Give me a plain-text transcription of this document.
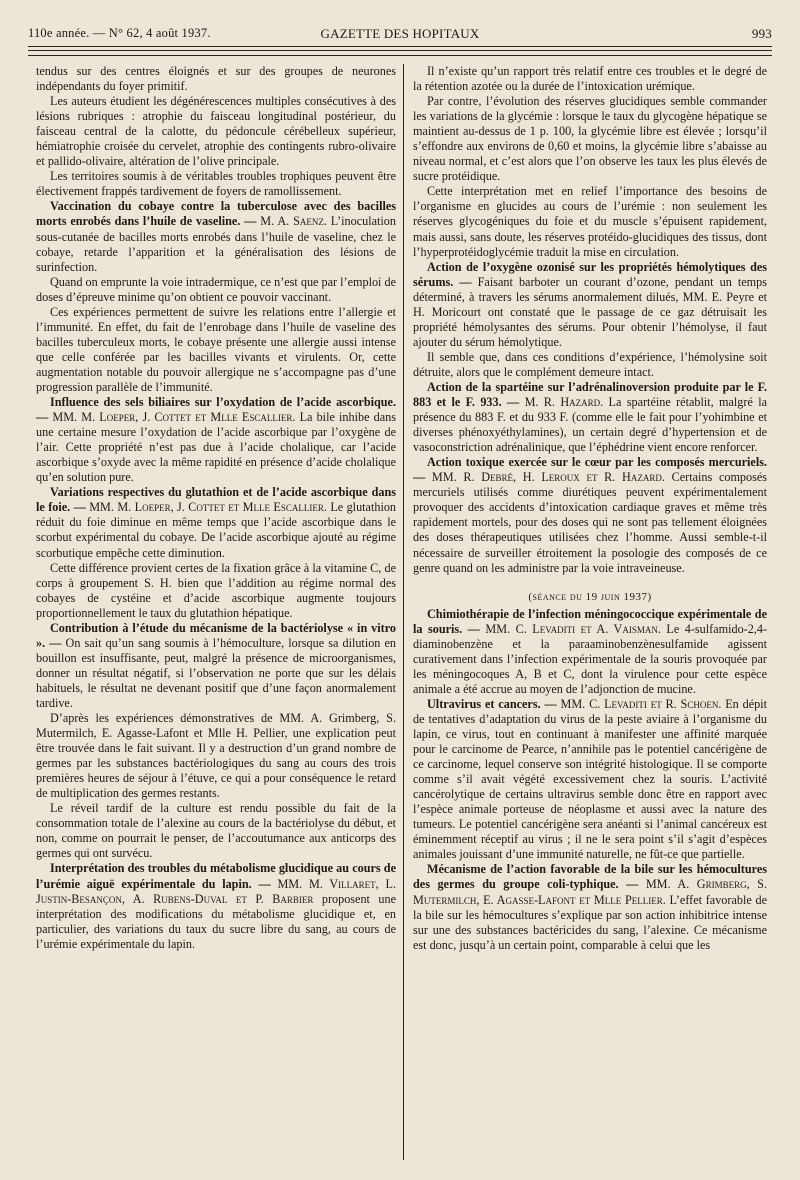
110e année. — N° 62, 4 août 1937.	GAZETTE DES HOPITAUX	993

tendus sur des centres éloignés et sur des groupes de neurones indépendants du foyer primitif.

Les auteurs étudient les dégénérescences multiples consécutives à des lésions rubriques : atrophie du faisceau longitudinal postérieur, du faisceau central de la calotte, du pédoncule cérébelleux supérieur, hémiatrophie croisée du cervelet, atrophie des contingents rubro-olivaire et pallido-olivaire, altération de l’olive principale.

Les territoires soumis à de véritables troubles trophiques peuvent être électivement frappés tardivement de foyers de ramollissement.

Vaccination du cobaye contre la tuberculose avec des bacilles morts enrobés dans l’huile de vaseline. — M. A. Saenz. L’inoculation sous-cutanée de bacilles morts enrobés dans l’huile de vaseline, chez le cobaye, retarde l’apparition et la généralisation des lésions de surinfection.

Quand on emprunte la voie intradermique, ce n’est que par l’emploi de doses d’épreuve minime qu’on obtient ce pouvoir vaccinant.

Ces expériences permettent de suivre les relations entre l’allergie et l’immunité. En effet, du fait de l’enrobage dans l’huile de vaseline des bacilles tuberculeux morts, le cobaye présente une allergie aussi intense que celle conférée par les bacilles vivants et virulents. Or, cette augmentation notable du pouvoir allergique ne s’accompagne pas d’une progression parallèle de l’immunité.

Influence des sels biliaires sur l’oxydation de l’acide ascorbique. — MM. M. Loeper, J. Cottet et Mlle Escallier. La bile inhibe dans une certaine mesure l’oxydation de l’acide ascorbique par l’oxygène de l’air. Cette propriété n’est pas due à l’acide cholalique, car l’acide ascorbique s’oxyde avec la même rapidité en présence d’acide cholalique qu’en solution pure.

Variations respectives du glutathion et de l’acide ascorbique dans le foie. — MM. M. Loeper, J. Cottet et Mlle Escallier. Le glutathion réduit du foie diminue en même temps que l’acide ascorbique dans le scorbut expérimental du cobaye. De l’acide ascorbique ajouté au régime scorbutique empêche cette diminution.

Cette différence provient certes de la fixation grâce à la vitamine C, de corps à groupement S. H. bien que l’addition au régime normal des cobayes de cystéine et d’acide ascorbique augmente toujours proportionnellement le taux du glutathion hépatique.

Contribution à l’étude du mécanisme de la bactériolyse « in vitro ». — On sait qu’un sang soumis à l’hémoculture, lorsque sa dilution en bouillon est insuffisante, peut, malgré la présence de microorganismes, donner un résultat négatif, si l’observation ne porte que sur les délais habituels, le résultat ne devenant positif que d’une façon anormalement tardive.

D’après les expériences démonstratives de MM. A. Grimberg, S. Mutermilch, E. Agasse-Lafont et Mlle H. Pellier, une explication peut être trouvée dans le fait suivant. Il y a destruction d’un grand nombre de germes par les substances bactériologiques du sang au cours des trois premières heures de séjour à l’étuve, ce qui a pour conséquence le retard de multiplication des germes restants.

Le réveil tardif de la culture est rendu possible du fait de la consommation totale de l’alexine au cours de la bactériolyse du début, et non, comme on pourrait le penser, de l’accoutumance aux anticorps des germes qui ont survécu.

Interprétation des troubles du métabolisme glucidique au cours de l’urémie aiguë expérimentale du lapin. — MM. M. Villaret, L. Justin-Besançon, A. Rubens-Duval et P. Barbier proposent une interprétation des modifications du métabolisme glucidique et, en particulier, des variations du taux du sucre libre du sang, au cours de l’urémie expérimentale du lapin.

Il n’existe qu’un rapport très relatif entre ces troubles et le degré de la rétention azotée ou la durée de l’intoxication urémique.

Par contre, l’évolution des réserves glucidiques semble commander les variations de la glycémie : lorsque le taux du glycogène hépatique se maintient au-dessus de 1 p. 100, la glycémie libre est élevée ; lorsqu’il s’effondre aux environs de 0,60 et moins, la glycémie libre s’abaisse au niveau normal, et c’est alors que l’on observe les taux les plus élevés de sucre protéidique.

Cette interprétation met en relief l’importance des besoins de l’organisme en glucides au cours de l’urémie : non seulement les réserves glycogéniques du foie et du muscle s’épuisent rapidement, mais aussi, sans doute, les réserves protéido-glucidiques des tissus, dont l’hyperprotéidoglycémie traduit la mise en circulation.

Action de l’oxygène ozonisé sur les propriétés hémolytiques des sérums. — Faisant barboter un courant d’ozone, pendant un temps déterminé, à travers les sérums anormalement dilués, MM. E. Peyre et H. Moricourt ont constaté que le passage de ce gaz détruisait les propriété hémolysantes des sérums. Pour obtenir l’hémolyse, il faut ajouter du sérum hémolytique.

Il semble que, dans ces conditions d’expérience, l’hémolysine soit détruite, alors que le complément demeure intact.

Action de la spartéine sur l’adrénalinoversion produite par le F. 883 et le F. 933. — M. R. Hazard. La spartéine rétablit, malgré la présence du 883 F. et du 933 F. (comme elle le fait pour l’yohimbine et diverses phénoxyéthylamines), un certain degré d’hypertension et de vasoconstriction adrénalinique, que l’éphédrine vient encore renforcer.

Action toxique exercée sur le cœur par les composés mercuriels.— MM. R. Debré, H. Leroux et R. Hazard. Certains composés mercuriels utilisés comme diurétiques peuvent expérimentalement provoquer des accidents d’intoxication cardiaque graves et même très rapidement mortels, pour des doses qui ne sont pas tellement éloignées des doses thérapeutiques utilisées chez l’homme. Aussi semble-t-il nécessaire de surveiller étroitement la posologie des composés de ce genre quand on les administre par la voie intraveineuse.

(séance du 19 juin 1937)

Chimiothérapie de l’infection méningococcique expérimentale de la souris. — MM. C. Levaditi et A. Vaisman. Le 4-sulfamido-2,4-diaminobenzène et la paraaminobenzènesulfamide agissent curativement dans l’infection expérimentale de la souris provoquée par les méningocoques A, B et C, dont la virulence pour cette espèce animale a été accrue au moyen de l’adjonction de mucine.

Ultravirus et cancers. — MM. C. Levaditi et R. Schoen. En dépit de tentatives d’adaptation du virus de la peste aviaire à l’organisme du lapin, ce virus, tout en continuant à manifester une affinité marquée pour le carcinome de Pearce, n’annihile pas le potentiel cancérigène de ce carcinome, lequel conserve son intégrité histologique. Il se comporte comme s’il avait végété excessivement chez la souris. L’activité cancérolytique de certains ultravirus semble donc être en rapport avec l’espèce animale porteuse de néoplasme et aussi avec la nature des tumeurs. Le potentiel cancérigène sera anéanti si l’animal cancéreux est éminemment réceptif au virus ; il ne le sera point s’il s’agit d’espèces animales jouissant d’une immunité naturelle, ne fût-ce que partielle.

Mécanisme de l’action favorable de la bile sur les hémocultures des germes du groupe coli-typhique. — MM. A. Grimberg, S. Mutermilch, E. Agasse-Lafont et Mlle Pellier. L’effet favorable de la bile sur les hémocultures s’explique par son action inhibitrice intense sur une des substances bactéricides du sang, l’alexine. Ce mécanisme est donc, jusqu’à un certain point, comparable à celui que les
